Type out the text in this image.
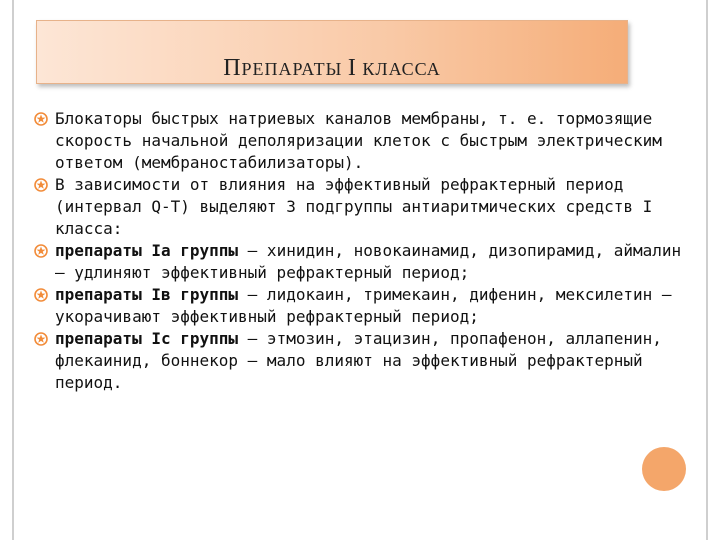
ПРЕПАРАТЫ I КЛАССА
Блокаторы быстрых натриевых каналов мембраны, т. е. тормозящие скорость начальной деполяризации клеток с быстрым электрическим ответом (мембраностабилизаторы).
В зависимости от влияния на эффективный рефрактерный период (интервал Q-T) выделяют 3 подгруппы антиаритмических средств I класса:
препараты Ia группы — хинидин, новокаинамид, дизопирамид, аймалин — удлиняют эффективный рефрактерный период;
препараты Iв группы — лидокаин, тримекаин, дифенин, мексилетин — укорачивают эффективный рефрактерный период;
препараты Ic группы — этмозин, этацизин, пропафенон, аллапенин, флекаинид, боннекор — мало влияют на эффективный рефрактерный период.
